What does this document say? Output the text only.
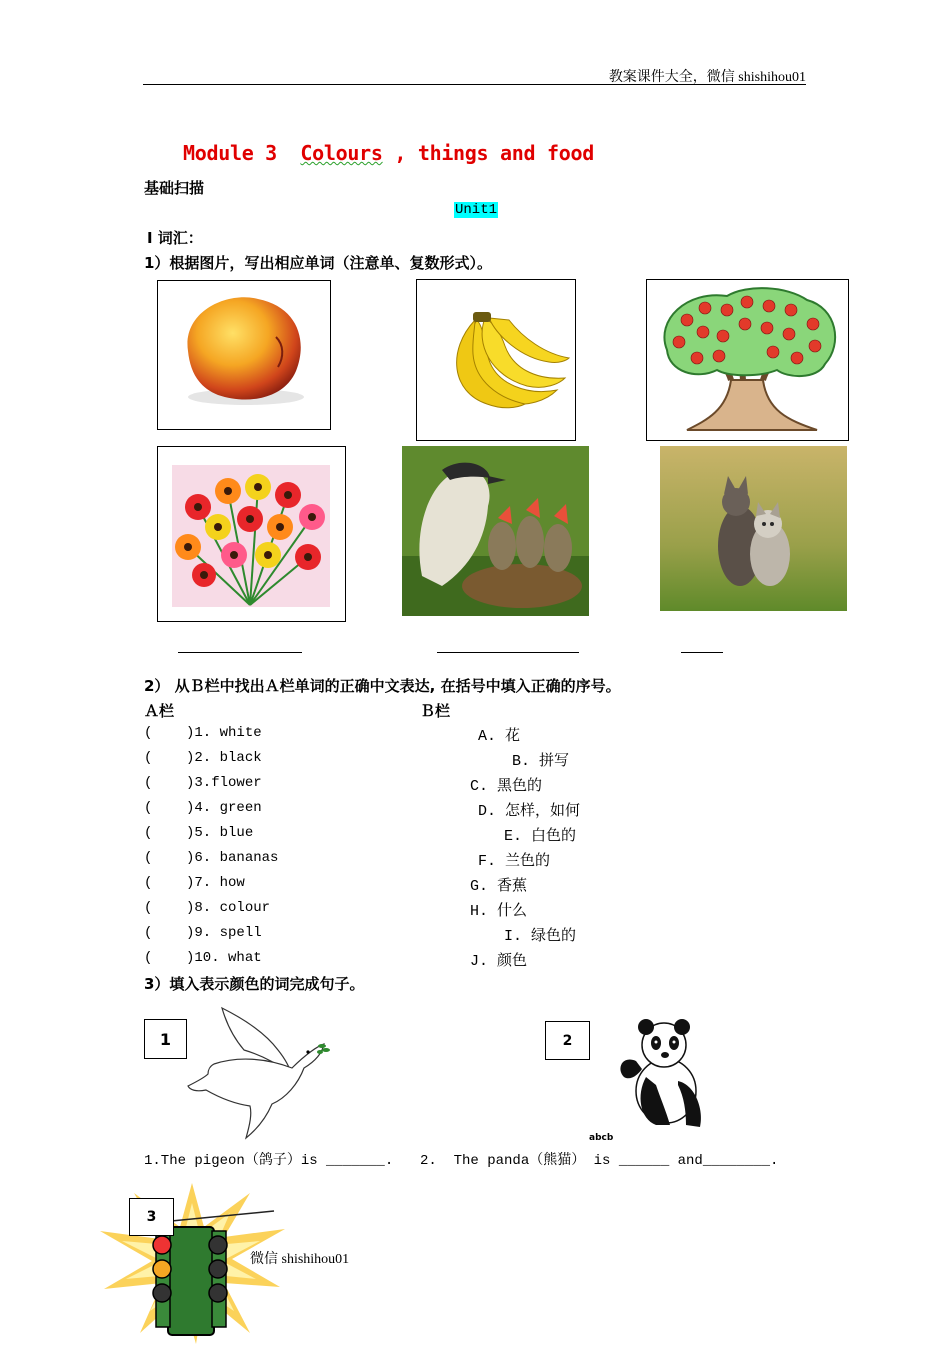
教案课件大全，微信 shishihou01
Module 3 Colours , things and food
基础扫描
Unit1
Ⅰ 词汇：
1）根据图片，写出相应单词（注意单、复数形式）。
2） 从Ｂ栏中找出Ａ栏单词的正确中文表达, 在括号中填入正确的序号。
Ａ栏	Ｂ栏
(    )1. white
(    )2. black
(    )3.flower
(    )4. green
(    )5. blue
(    )6. bananas
(    )7. how
(    )8. colour
(    )9. spell
(    )10. what
A. 花
B. 拼写
C. 黑色的
D. 怎样，如何
E. 白色的
F. 兰色的
G. 香蕉
H. 什么
I. 绿色的
J. 颜色
3）填入表示颜色的词完成句子。
1	2
abcb
1.The pigeon（鸽子）is _______. 2.  The panda（熊猫） is ______ and________.
3
微信 shishihou01
